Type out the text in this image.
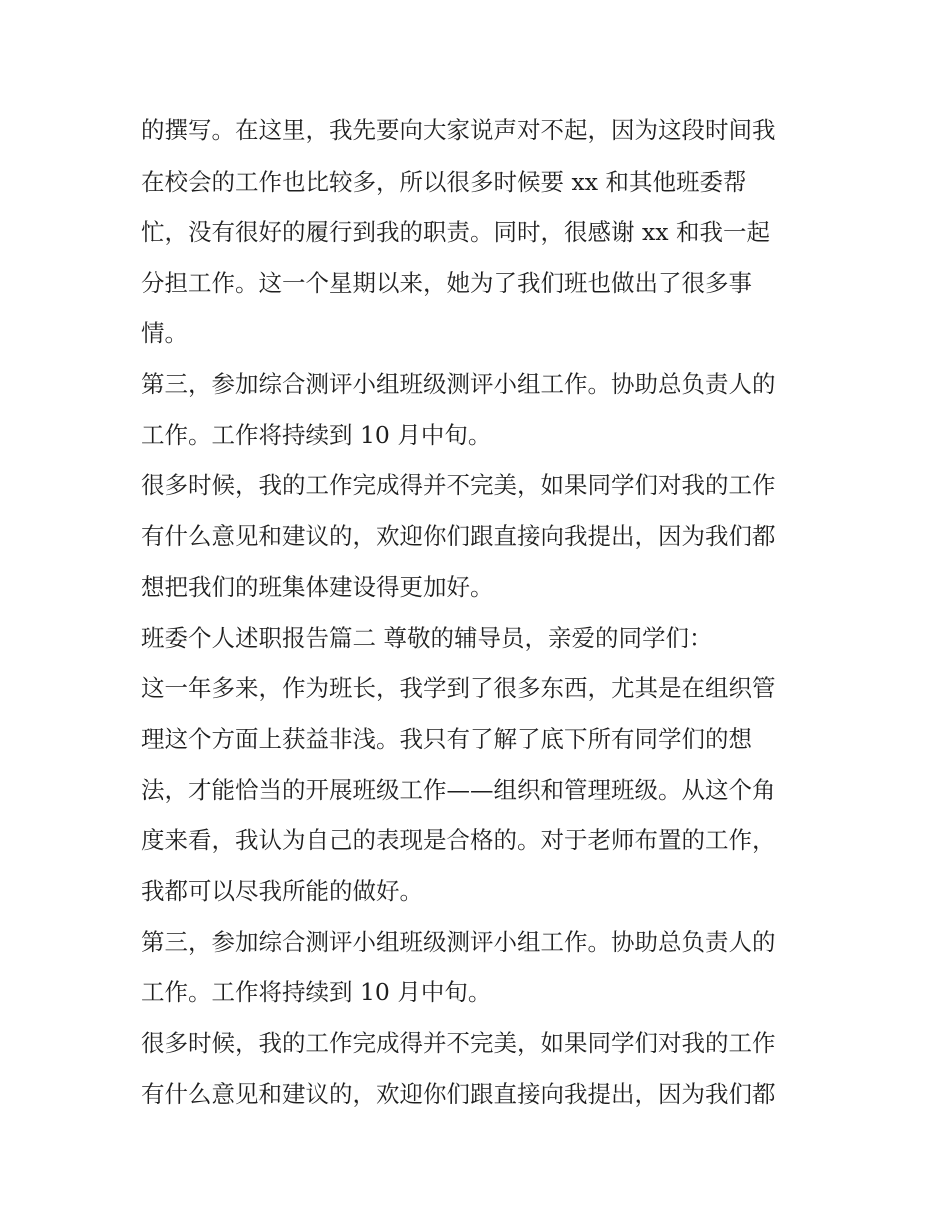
的撰写。在这里，我先要向大家说声对不起，因为这段时间我
在校会的工作也比较多，所以很多时候要 xx 和其他班委帮
忙，没有很好的履行到我的职责。同时，很感谢 xx 和我一起
分担工作。这一个星期以来，她为了我们班也做出了很多事
情。
第三，参加综合测评小组班级测评小组工作。协助总负责人的
工作。工作将持续到 10 月中旬。
很多时候，我的工作完成得并不完美，如果同学们对我的工作
有什么意见和建议的，欢迎你们跟直接向我提出，因为我们都
想把我们的班集体建设得更加好。
班委个人述职报告篇二 尊敬的辅导员，亲爱的同学们：
这一年多来，作为班长，我学到了很多东西，尤其是在组织管
理这个方面上获益非浅。我只有了解了底下所有同学们的想
法，才能恰当的开展班级工作——组织和管理班级。从这个角
度来看，我认为自己的表现是合格的。对于老师布置的工作，
我都可以尽我所能的做好。
第三，参加综合测评小组班级测评小组工作。协助总负责人的
工作。工作将持续到 10 月中旬。
很多时候，我的工作完成得并不完美，如果同学们对我的工作
有什么意见和建议的，欢迎你们跟直接向我提出，因为我们都
